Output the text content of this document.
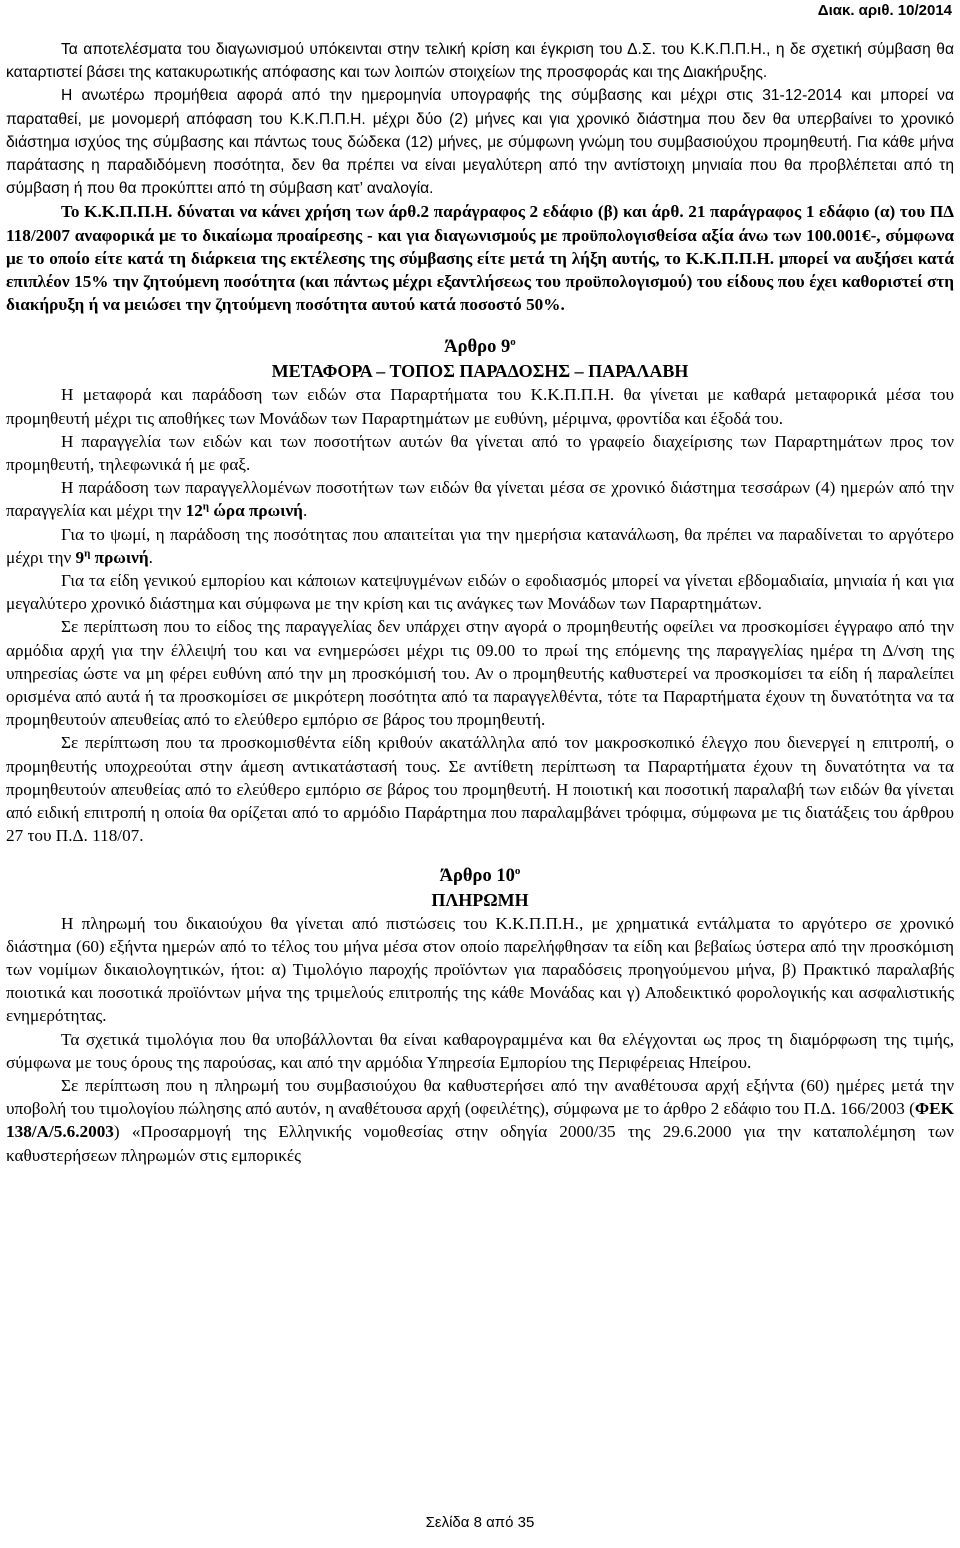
Διακ. αριθ. 10/2014

Τα αποτελέσματα του διαγωνισμού υπόκεινται στην τελική κρίση και έγκριση του Δ.Σ. του Κ.Κ.Π.Π.Η., η δε σχετική σύμβαση θα καταρτιστεί βάσει της κατακυρωτικής απόφασης και των λοιπών στοιχείων της προσφοράς και της Διακήρυξης.

Η ανωτέρω προμήθεια αφορά από την ημερομηνία υπογραφής της σύμβασης και μέχρι στις 31-12-2014 και μπορεί να παραταθεί, με μονομερή απόφαση του Κ.Κ.Π.Π.Η. μέχρι δύο (2) μήνες και για χρονικό διάστημα που δεν θα υπερβαίνει το χρονικό διάστημα ισχύος της σύμβασης και πάντως τους δώδεκα (12) μήνες, με σύμφωνη γνώμη του συμβασιούχου προμηθευτή. Για κάθε μήνα παράτασης η παραδιδόμενη ποσότητα, δεν θα πρέπει να είναι μεγαλύτερη από την αντίστοιχη μηνιαία που θα προβλέπεται από τη σύμβαση ή που θα προκύπτει από τη σύμβαση κατ’ αναλογία.

Το Κ.Κ.Π.Π.Η. δύναται να κάνει χρήση των άρθ.2 παράγραφος 2 εδάφιο (β) και άρθ. 21 παράγραφος 1 εδάφιο (α) του ΠΔ 118/2007 αναφορικά με το δικαίωμα προαίρεσης - και για διαγωνισμούς με προϋπολογισθείσα αξία άνω των 100.001€-, σύμφωνα με το οποίο είτε κατά τη διάρκεια της εκτέλεσης της σύμβασης είτε μετά τη λήξη αυτής, το Κ.Κ.Π.Π.Η. μπορεί να αυξήσει κατά επιπλέον 15% την ζητούμενη ποσότητα (και πάντως μέχρι εξαντλήσεως του προϋπολογισμού) του είδους που έχει καθοριστεί στη διακήρυξη ή να μειώσει την ζητούμενη ποσότητα αυτού κατά ποσοστό 50%.

Άρθρο $9^o$
ΜΕΤΑΦΟΡΑ – ΤΟΠΟΣ ΠΑΡΑΔΟΣΗΣ – ΠΑΡΑΛΑΒΗ

Η μεταφορά και παράδοση των ειδών στα Παραρτήματα του Κ.Κ.Π.Π.Η. θα γίνεται με καθαρά μεταφορικά μέσα του προμηθευτή μέχρι τις αποθήκες των Μονάδων των Παραρτημάτων με ευθύνη, μέριμνα, φροντίδα και έξοδά του.

Η παραγγελία των ειδών και των ποσοτήτων αυτών θα γίνεται από το γραφείο διαχείρισης των Παραρτημάτων προς τον προμηθευτή, τηλεφωνικά ή με φαξ.

Η παράδοση των παραγγελλομένων ποσοτήτων των ειδών θα γίνεται μέσα σε χρονικό διάστημα τεσσάρων (4) ημερών από την παραγγελία και μέχρι την $12^\eta$ ώρα πρωινή.

Για το ψωμί, η παράδοση της ποσότητας που απαιτείται για την ημερήσια κατανάλωση, θα πρέπει να παραδίνεται το αργότερο μέχρι την $9^\eta$ πρωινή.

Για τα είδη γενικού εμπορίου και κάποιων κατεψυγμένων ειδών ο εφοδιασμός μπορεί να γίνεται εβδομαδιαία, μηνιαία ή και για μεγαλύτερο χρονικό διάστημα και σύμφωνα με την κρίση και τις ανάγκες των Μονάδων των Παραρτημάτων.

Σε περίπτωση που το είδος της παραγγελίας δεν υπάρχει στην αγορά ο προμηθευτής οφείλει να προσκομίσει έγγραφο από την αρμόδια αρχή για την έλλειψή του και να ενημερώσει μέχρι τις 09.00 το πρωί της επόμενης της παραγγελίας ημέρα τη Δ/νση της υπηρεσίας ώστε να μη φέρει ευθύνη από την μη προσκόμισή του. Αν ο προμηθευτής καθυστερεί να προσκομίσει τα είδη ή παραλείπει ορισμένα από αυτά ή τα προσκομίσει σε μικρότερη ποσότητα από τα παραγγελθέντα, τότε τα Παραρτήματα έχουν τη δυνατότητα να τα προμηθευτούν απευθείας από το ελεύθερο εμπόριο σε βάρος του προμηθευτή.

Σε περίπτωση που τα προσκομισθέντα είδη κριθούν ακατάλληλα από τον μακροσκοπικό έλεγχο που διενεργεί η επιτροπή, ο προμηθευτής υποχρεούται στην άμεση αντικατάστασή τους. Σε αντίθετη περίπτωση τα Παραρτήματα έχουν τη δυνατότητα να τα προμηθευτούν απευθείας από το ελεύθερο εμπόριο σε βάρος του προμηθευτή. Η ποιοτική και ποσοτική παραλαβή των ειδών θα γίνεται από ειδική επιτροπή η οποία θα ορίζεται από το αρμόδιο Παράρτημα που παραλαμβάνει τρόφιμα, σύμφωνα με τις διατάξεις του άρθρου 27 του Π.Δ. 118/07.

Άρθρο $10^o$
ΠΛΗΡΩΜΗ

Η πληρωμή του δικαιούχου θα γίνεται από πιστώσεις του Κ.Κ.Π.Π.Η., με χρηματικά εντάλματα το αργότερο σε χρονικό διάστημα (60) εξήντα ημερών από το τέλος του μήνα μέσα στον οποίο παρελήφθησαν τα είδη και βεβαίως ύστερα από την προσκόμιση των νομίμων δικαιολογητικών, ήτοι: α) Τιμολόγιο παροχής προϊόντων για παραδόσεις προηγούμενου μήνα, β) Πρακτικό παραλαβής ποιοτικά και ποσοτικά προϊόντων μήνα της τριμελούς επιτροπής της κάθε Μονάδας και γ) Αποδεικτικό φορολογικής και ασφαλιστικής ενημερότητας.

Τα σχετικά τιμολόγια που θα υποβάλλονται θα είναι καθαρογραμμένα και θα ελέγχονται ως προς τη διαμόρφωση της τιμής, σύμφωνα με τους όρους της παρούσας, και από την αρμόδια Υπηρεσία Εμπορίου της Περιφέρειας Ηπείρου.

Σε περίπτωση που η πληρωμή του συμβασιούχου θα καθυστερήσει από την αναθέτουσα αρχή εξήντα (60) ημέρες μετά την υποβολή του τιμολογίου πώλησης από αυτόν, η αναθέτουσα αρχή (οφειλέτης), σύμφωνα με το άρθρο 2 εδάφιο του Π.Δ. 166/2003 (ΦΕΚ 138/Α/5.6.2003) «Προσαρμογή της Ελληνικής νομοθεσίας στην οδηγία 2000/35 της 29.6.2000 για την καταπολέμηση των καθυστερήσεων πληρωμών στις εμπορικές

Σελίδα 8 από 35
